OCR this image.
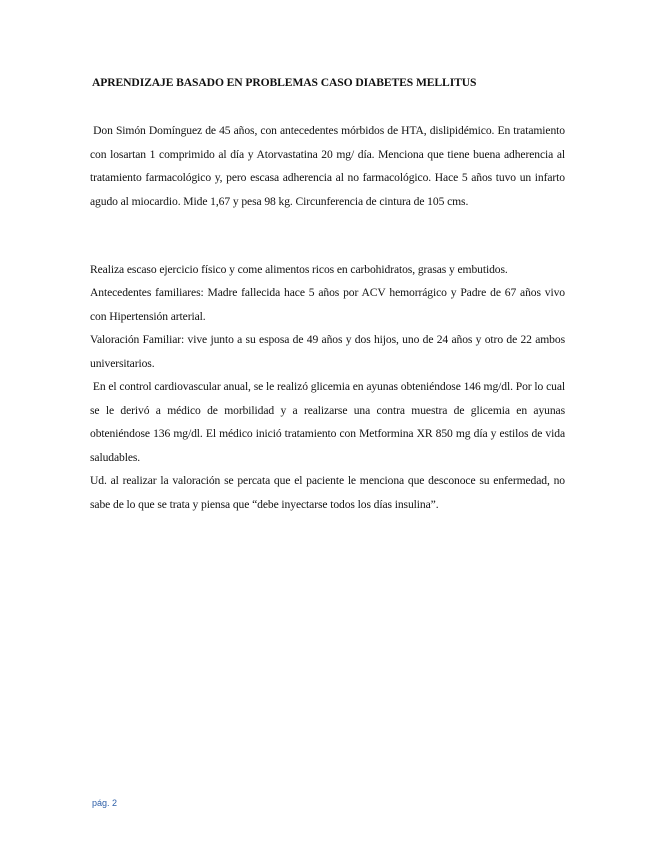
APRENDIZAJE BASADO EN PROBLEMAS CASO DIABETES MELLITUS

Don Simón Domínguez de 45 años, con antecedentes mórbidos de HTA, dislipidémico. En tratamiento con losartan 1 comprimido al día y Atorvastatina 20 mg/ día. Menciona que tiene buena adherencia al tratamiento farmacológico y, pero escasa adherencia al no farmacológico. Hace 5 años tuvo un infarto agudo al miocardio. Mide 1,67 y pesa 98 kg. Circunferencia de cintura de 105 cms.

Realiza escaso ejercicio físico y come alimentos ricos en carbohidratos, grasas y embutidos.

Antecedentes familiares: Madre fallecida hace 5 años por ACV hemorrágico y Padre de 67 años vivo con Hipertensión arterial.

Valoración Familiar: vive junto a su esposa de 49 años y dos hijos, uno de 24 años y otro de 22 ambos universitarios.

En el control cardiovascular anual, se le realizó glicemia en ayunas obteniéndose 146 mg/dl. Por lo cual se le derivó a médico de morbilidad y a realizarse una contra muestra de glicemia en ayunas obteniéndose 136 mg/dl. El médico inició tratamiento con Metformina XR 850 mg día y estilos de vida saludables.

Ud. al realizar la valoración se percata que el paciente le menciona que desconoce su enfermedad, no sabe de lo que se trata y piensa que “debe inyectarse todos los días insulina”.

pág. 2
